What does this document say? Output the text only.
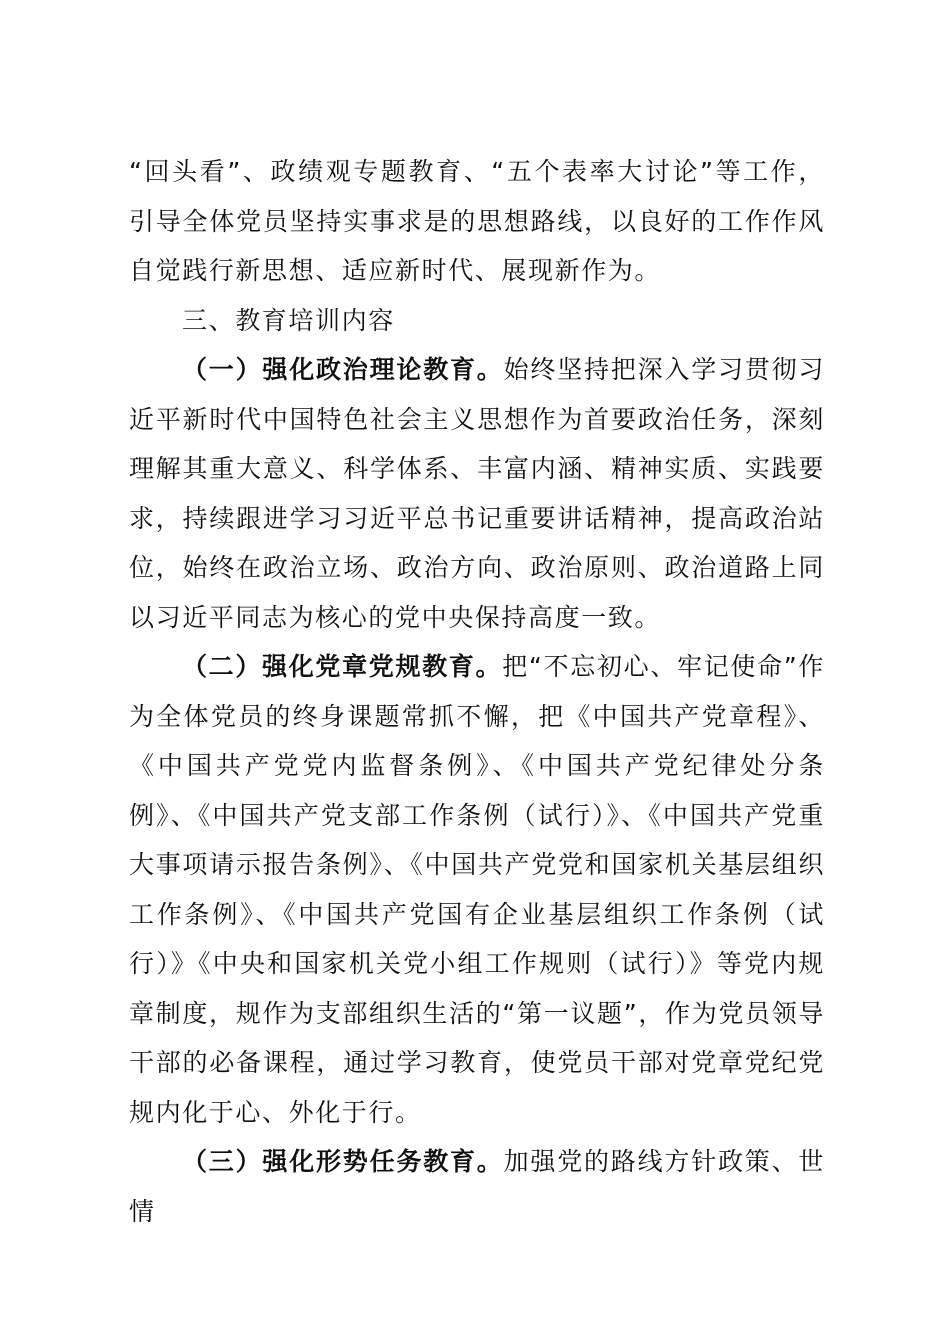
“回头看”、政绩观专题教育、“五个表率大讨论”等工作，引导全体党员坚持实事求是的思想路线，以良好的工作作风自觉践行新思想、适应新时代、展现新作为。

三、教育培训内容

（一）强化政治理论教育。始终坚持把深入学习贯彻习近平新时代中国特色社会主义思想作为首要政治任务，深刻理解其重大意义、科学体系、丰富内涵、精神实质、实践要求，持续跟进学习习近平总书记重要讲话精神，提高政治站位，始终在政治立场、政治方向、政治原则、政治道路上同以习近平同志为核心的党中央保持高度一致。

（二）强化党章党规教育。把“不忘初心、牢记使命”作为全体党员的终身课题常抓不懈，把《中国共产党章程》、《中国共产党党内监督条例》、《中国共产党纪律处分条例》、《中国共产党支部工作条例（试行）》、《中国共产党重大事项请示报告条例》、《中国共产党党和国家机关基层组织工作条例》、《中国共产党国有企业基层组织工作条例（试行）》《中央和国家机关党小组工作规则（试行）》等党内规章制度，规作为支部组织生活的“第一议题”，作为党员领导干部的必备课程，通过学习教育，使党员干部对党章党纪党规内化于心、外化于行。

（三）强化形势任务教育。加强党的路线方针政策、世情
